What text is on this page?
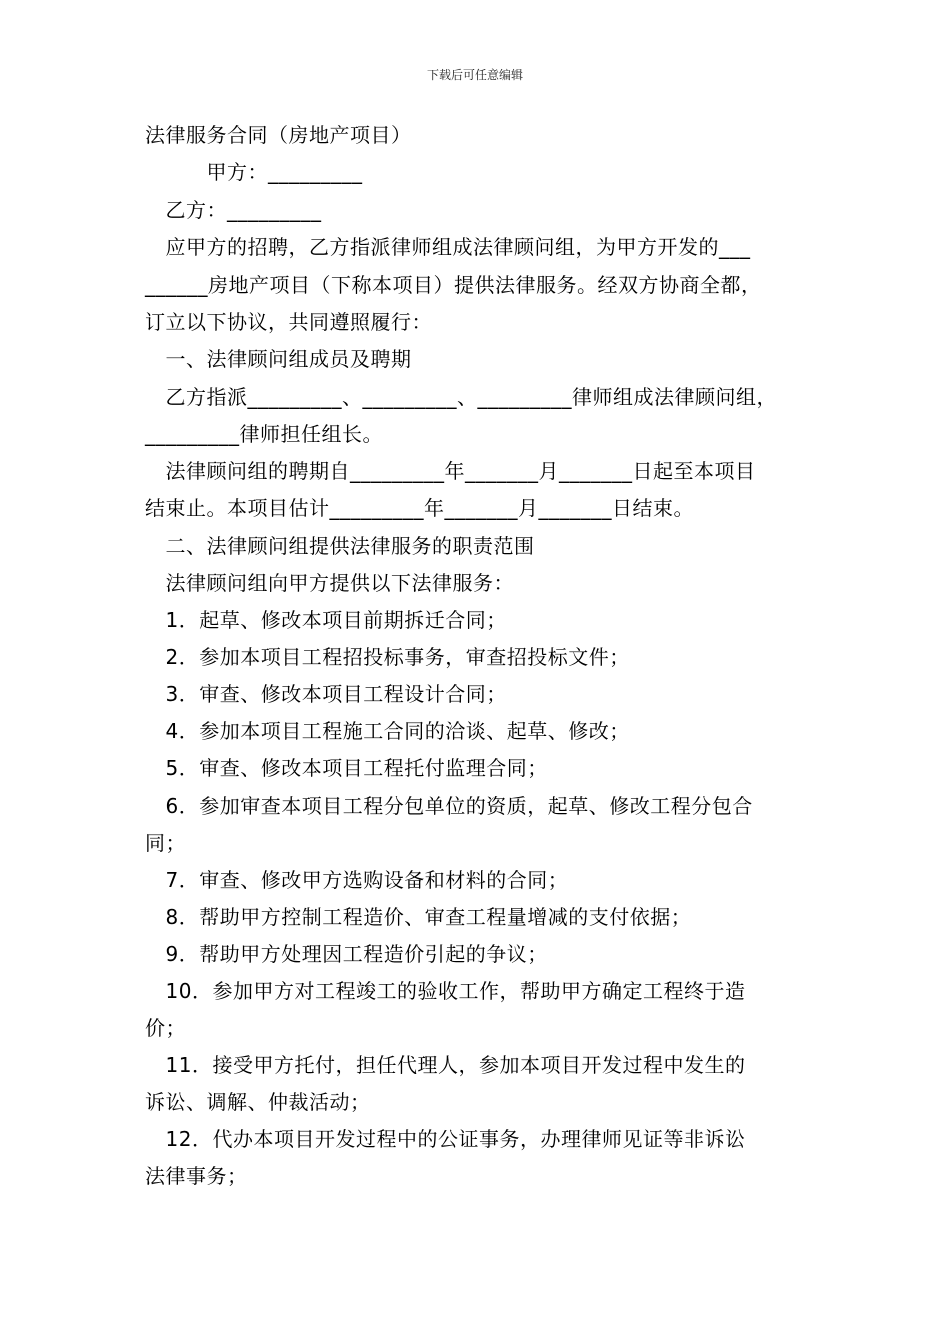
下载后可任意编辑
法律服务合同（房地产项目）
　　　甲方：_________
　乙方：_________
　应甲方的招聘，乙方指派律师组成法律顾问组，为甲方开发的___
______房地产项目（下称本项目）提供法律服务。经双方协商全都，
订立以下协议，共同遵照履行：
　一、法律顾问组成员及聘期
　乙方指派_________、_________、_________律师组成法律顾问组，
_________律师担任组长。
　法律顾问组的聘期自_________年_______月_______日起至本项目
结束止。本项目估计_________年_______月_______日结束。
　二、法律顾问组提供法律服务的职责范围
　法律顾问组向甲方提供以下法律服务：
　1．起草、修改本项目前期拆迁合同；
　2．参加本项目工程招投标事务，审查招投标文件；
　3．审查、修改本项目工程设计合同；
　4．参加本项目工程施工合同的洽谈、起草、修改；
　5．审查、修改本项目工程托付监理合同；
　6．参加审查本项目工程分包单位的资质，起草、修改工程分包合
同；
　7．审查、修改甲方选购设备和材料的合同；
　8．帮助甲方控制工程造价、审查工程量增减的支付依据；
　9．帮助甲方处理因工程造价引起的争议；
　10．参加甲方对工程竣工的验收工作，帮助甲方确定工程终于造
价；
　11．接受甲方托付，担任代理人，参加本项目开发过程中发生的
诉讼、调解、仲裁活动；
　12．代办本项目开发过程中的公证事务，办理律师见证等非诉讼
法律事务；
